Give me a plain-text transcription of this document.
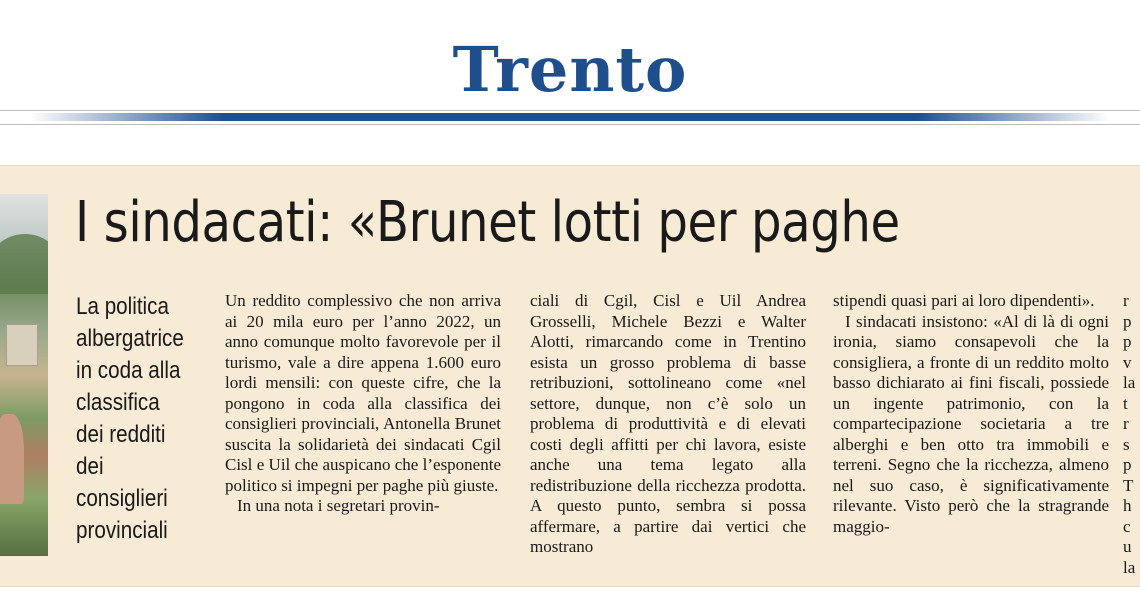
Trento
I sindacati: «Brunet lotti per paghe
La politica albergatrice in coda alla classifica dei redditi dei consiglieri provinciali

Un reddito complessivo che non arriva ai 20 mila euro per l’anno 2022, un anno comunque molto favorevole per il turismo, vale a dire appena 1.600 euro lordi mensili: con queste cifre, che la pongono in coda alla classifica dei consiglieri provinciali, Antonella Brunet suscita la solidarietà dei sindacati Cgil Cisl e Uil che auspicano che l’esponente politico si impegni per paghe più giuste.

In una nota i segretari provin-

ciali di Cgil, Cisl e Uil Andrea Grosselli, Michele Bezzi e Walter Alotti, rimarcando come in Trentino esista un grosso problema di basse retribuzioni, sottolineano come «nel settore, dunque, non c’è solo un problema di produttività e di elevati costi degli affitti per chi lavora, esiste anche una tema legato alla redistribuzione della ricchezza prodotta. A questo punto, sembra si possa affermare, a partire dai vertici che mostrano

stipendi quasi pari ai loro dipendenti».

I sindacati insistono: «Al di là di ogni ironia, siamo consapevoli che la consigliera, a fronte di un reddito molto basso dichiarato ai fini fiscali, possiede un ingente patrimonio, con la compartecipazione societaria a tre alberghi e ben otto tra immobili e terreni. Segno che la ricchezza, almeno nel suo caso, è significativamente rilevante. Visto però che la stragrande maggio-

r
p
p
v
la
t
r
s
p
T
h
c
u
la
